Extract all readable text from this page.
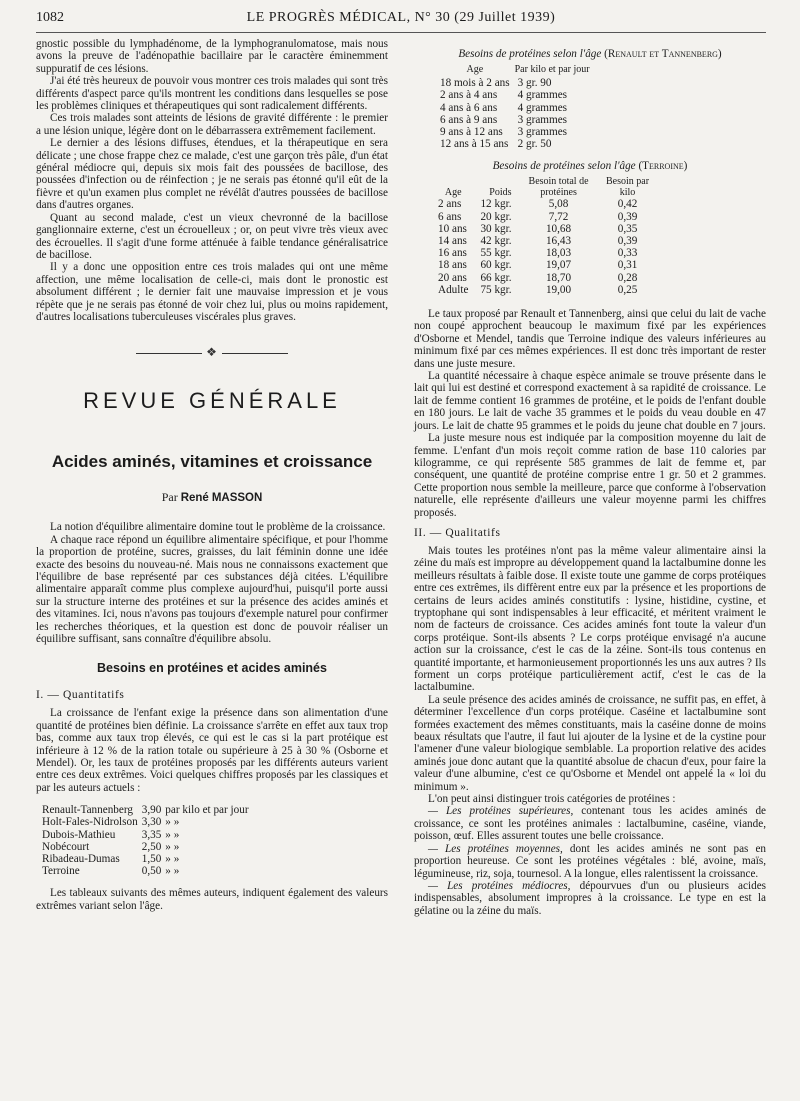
1082	LE PROGRÈS MÉDICAL, N° 30 (29 Juillet 1939)

gnostic possible du lymphadénome, de la lymphogranulomatose, mais nous avons la preuve de l'adénopathie bacillaire par le caractère éminemment suppuratif de ces lésions.

J'ai été très heureux de pouvoir vous montrer ces trois malades qui sont très différents d'aspect parce qu'ils montrent les conditions dans lesquelles se pose les problèmes cliniques et thérapeutiques qui sont radicalement différents.

Ces trois malades sont atteints de lésions de gravité différente : le premier a une lésion unique, légère dont on le débarrassera extrêmement facilement.

Le dernier a des lésions diffuses, étendues, et la thérapeutique en sera délicate ; une chose frappe chez ce malade, c'est une garçon très pâle, d'un état général médiocre qui, depuis six mois fait des poussées de bacillose, des poussées d'infection ou de réinfection ; je ne serais pas étonné qu'il eût de la fièvre et qu'un examen plus complet ne révélât d'autres poussées de bacillose dans d'autres organes.

Quant au second malade, c'est un vieux chevronné de la bacillose ganglionnaire externe, c'est un écrouelleux ; or, on peut vivre très vieux avec des écrouelles. Il s'agit d'une forme atténuée à faible tendance généralisatrice de bacillose.

Il y a donc une opposition entre ces trois malades qui ont une même affection, une même localisation de celle-ci, mais dont le pronostic est absolument différent ; le dernier fait une mauvaise impression et je vous répète que je ne serais pas étonné de voir chez lui, plus ou moins rapidement, d'autres localisations tuberculeuses viscérales plus graves.

❖
REVUE GÉNÉRALE
Acides aminés, vitamines et croissance
Par René MASSON

La notion d'équilibre alimentaire domine tout le problème de la croissance.

A chaque race répond un équilibre alimentaire spécifique, et pour l'homme la proportion de protéine, sucres, graisses, du lait féminin donne une idée exacte des besoins du nouveau-né. Mais nous ne connaissons exactement que l'équilibre de base représenté par ces substances déjà citées. L'équilibre alimentaire apparaît comme plus complexe aujourd'hui, puisqu'il porte aussi sur la structure interne des protéines et sur la présence des acides aminés et des vitamines. Ici, nous n'avons pas toujours d'exemple naturel pour confirmer les recherches théoriques, et la question est donc de pouvoir réaliser un équilibre suffisant, sans connaître d'équilibre absolu.

Besoins en protéines et acides aminés
I. — Quantitatifs

La croissance de l'enfant exige la présence dans son alimentation d'une quantité de protéines bien définie. La croissance s'arrête en effet aux taux trop bas, comme aux taux trop élevés, ce qui est le cas si la part protéique est inférieure à 12 % de la ration totale ou supérieure à 25 à 30 % (Osborne et Mendel). Or, les taux de protéines proposés par les différents auteurs varient entre ces deux extrêmes. Voici quelques chiffres proposés par les classiques et par les auteurs actuels :

Renault-Tannenberg	3,90	par kilo et par jour
Holt-Fales-Nidrolson	3,30	» »
Dubois-Mathieu	3,35	» »
Nobécourt	2,50	» »
Ribadeau-Dumas	1,50	» »
Terroine	0,50	» »

Les tableaux suivants des mêmes auteurs, indiquent également des valeurs extrêmes variant selon l'âge.

Besoins de protéines selon l'âge (Renault et Tannenberg)
Age	Par kilo et par jour
18 mois à 2 ans	3 gr. 90
2 ans à 4 ans	4 grammes
4 ans à 6 ans	4 grammes
6 ans à 9 ans	3 grammes
9 ans à 12 ans	3 grammes
12 ans à 15 ans	2 gr. 50
Besoins de protéines selon l'âge (Terroine)
Age	Poids	Besoin total de protéines	Besoin par kilo
2 ans	12 kgr.	5,08	0,42
6 ans	20 kgr.	7,72	0,39
10 ans	30 kgr.	10,68	0,35
14 ans	42 kgr.	16,43	0,39
16 ans	55 kgr.	18,03	0,33
18 ans	60 kgr.	19,07	0,31
20 ans	66 kgr.	18,70	0,28
Adulte	75 kgr.	19,00	0,25

Le taux proposé par Renault et Tannenberg, ainsi que celui du lait de vache non coupé approchent beaucoup le maximum fixé par les expériences d'Osborne et Mendel, tandis que Terroine indique des valeurs inférieures au minimum fixé par ces mêmes expériences. Il est donc très important de rester dans une juste mesure.

La quantité nécessaire à chaque espèce animale se trouve présente dans le lait qui lui est destiné et correspond exactement à sa rapidité de croissance. Le lait de femme contient 16 grammes de protéine, et le poids de l'enfant double en 180 jours. Le lait de vache 35 grammes et le poids du veau double en 47 jours. Le lait de chatte 95 grammes et le poids du jeune chat double en 7 jours.

La juste mesure nous est indiquée par la composition moyenne du lait de femme. L'enfant d'un mois reçoit comme ration de base 110 calories par kilogramme, ce qui représente 585 grammes de lait de femme et, par conséquent, une quantité de protéine comprise entre 1 gr. 50 et 2 grammes. Cette proportion nous semble la meilleure, parce que conforme à l'observation naturelle, elle représente d'ailleurs une valeur moyenne parmi les chiffres proposés.

II. — Qualitatifs

Mais toutes les protéines n'ont pas la même valeur alimentaire ainsi la zéine du maïs est impropre au développement quand la lactalbumine donne les meilleurs résultats à faible dose. Il existe toute une gamme de corps protéiques entre ces extrêmes, ils diffèrent entre eux par la présence et les proportions de certains de leurs acides aminés constitutifs : lysine, histidine, cystine, et tryptophane qui sont indispensables à leur efficacité, et méritent vraiment le nom de facteurs de croissance. Ces acides aminés font toute la valeur d'un corps protéique. Sont-ils absents ? Le corps protéique envisagé n'a aucune action sur la croissance, c'est le cas de la zéine. Sont-ils tous contenus en quantité importante, et harmonieusement proportionnés les uns aux autres ? Ils forment un corps protéique particulièrement actif, c'est le cas de la lactalbumine.

La seule présence des acides aminés de croissance, ne suffit pas, en effet, à déterminer l'excellence d'un corps protéique. Caséine et lactalbumine sont formées exactement des mêmes constituants, mais la caséine donne de moins beaux résultats que l'autre, il faut lui ajouter de la lysine et de la cystine pour l'amener d'une valeur biologique semblable. La proportion relative des acides aminés joue donc autant que la quantité absolue de chacun d'eux, pour faire la valeur d'une albumine, c'est ce qu'Osborne et Mendel ont appelé la « loi du minimum ».

L'on peut ainsi distinguer trois catégories de protéines :

— Les protéines supérieures, contenant tous les acides aminés de croissance, ce sont les protéines animales : lactalbumine, caséine, viande, poisson, œuf. Elles assurent toutes une belle croissance.

— Les protéines moyennes, dont les acides aminés ne sont pas en proportion heureuse. Ce sont les protéines végétales : blé, avoine, maïs, légumineuse, riz, soja, tournesol. A la longue, elles ralentissent la croissance.

— Les protéines médiocres, dépourvues d'un ou plusieurs acides indispensables, absolument impropres à la croissance. Le type en est la gélatine ou la zéine du maïs.
